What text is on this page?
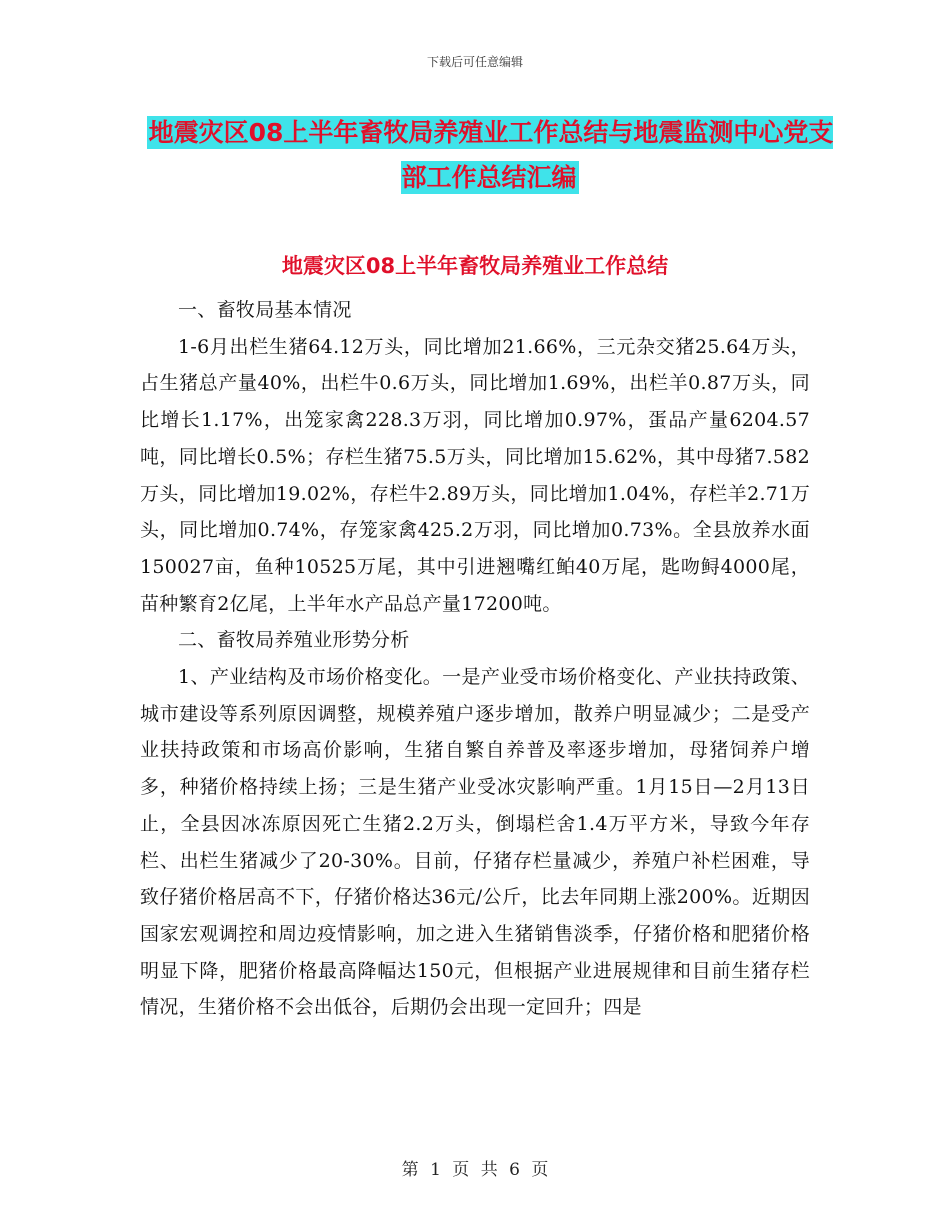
下载后可任意编辑
地震灾区08上半年畜牧局养殖业工作总结与地震监测中心党支部工作总结汇编
地震灾区08上半年畜牧局养殖业工作总结

一、畜牧局基本情况

1-6月出栏生猪64.12万头，同比增加21.66%，三元杂交猪25.64万头，占生猪总产量40%，出栏牛0.6万头，同比增加1.69%，出栏羊0.87万头，同比增长1.17%，出笼家禽228.3万羽，同比增加0.97%，蛋品产量6204.57吨，同比增长0.5%；存栏生猪75.5万头，同比增加15.62%，其中母猪7.582万头，同比增加19.02%，存栏牛2.89万头，同比增加1.04%，存栏羊2.71万头，同比增加0.74%，存笼家禽425.2万羽，同比增加0.73%。全县放养水面150027亩，鱼种10525万尾，其中引进翘嘴红鲌40万尾，匙吻鲟4000尾，苗种繁育2亿尾，上半年水产品总产量17200吨。

二、畜牧局养殖业形势分析

1、产业结构及市场价格变化。一是产业受市场价格变化、产业扶持政策、城市建设等系列原因调整，规模养殖户逐步增加，散养户明显减少；二是受产业扶持政策和市场高价影响，生猪自繁自养普及率逐步增加，母猪饲养户增多，种猪价格持续上扬；三是生猪产业受冰灾影响严重。1月15日—2月13日止，全县因冰冻原因死亡生猪2.2万头，倒塌栏舍1.4万平方米，导致今年存栏、出栏生猪减少了20-30%。目前，仔猪存栏量减少，养殖户补栏困难，导致仔猪价格居高不下，仔猪价格达36元/公斤，比去年同期上涨200%。近期因国家宏观调控和周边疫情影响，加之进入生猪销售淡季，仔猪价格和肥猪价格明显下降，肥猪价格最高降幅达150元，但根据产业进展规律和目前生猪存栏情况，生猪价格不会出低谷，后期仍会出现一定回升；四是

第 1 页 共 6 页
